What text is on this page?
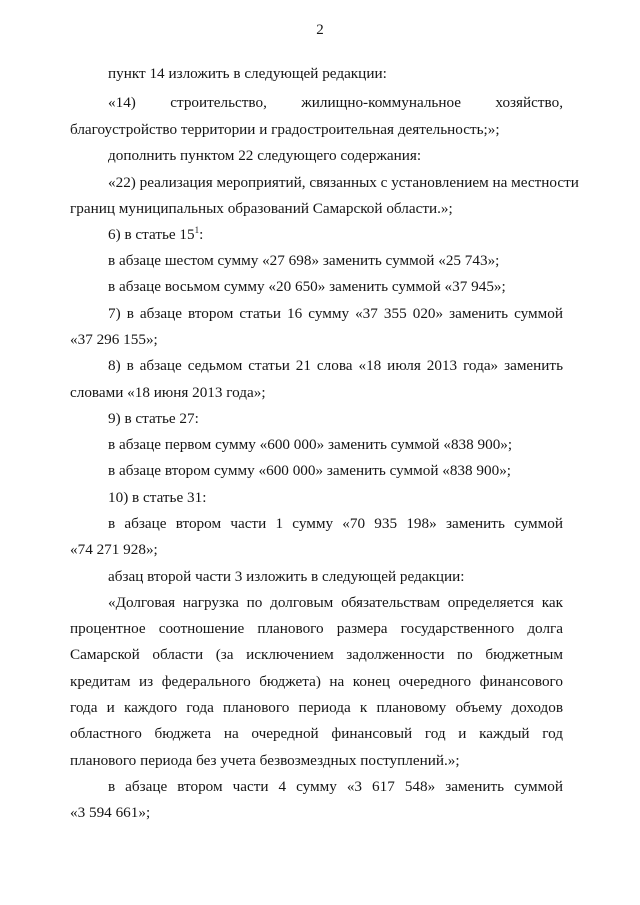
2
пункт 14 изложить в следующей редакции:
«14) строительство, жилищно-коммунальное хозяйство,
благоустройство территории и градостроительная деятельность;»;
дополнить пунктом 22 следующего содержания:
«22) реализация мероприятий, связанных с установлением на местности
границ муниципальных образований Самарской области.»;
6) в статье $15^1$:
в абзаце шестом сумму «27 698» заменить суммой «25 743»;
в абзаце восьмом сумму «20 650» заменить суммой «37 945»;
7) в абзаце втором статьи 16 сумму «37 355 020» заменить суммой
«37 296 155»;
8) в абзаце седьмом статьи 21 слова «18 июля 2013 года» заменить
словами «18 июня 2013 года»;
9) в статье 27:
в абзаце первом сумму «600 000» заменить суммой «838 900»;
в абзаце втором сумму «600 000» заменить суммой «838 900»;
10) в статье 31:
в абзаце втором части 1 сумму «70 935 198» заменить суммой
«74 271 928»;
абзац второй части 3 изложить в следующей редакции:
«Долговая нагрузка по долговым обязательствам определяется как
процентное соотношение планового размера государственного долга
Самарской области (за исключением задолженности по бюджетным
кредитам из федерального бюджета) на конец очередного финансового
года и каждого года планового периода к плановому объему доходов
областного бюджета на очередной финансовый год и каждый год
планового периода без учета безвозмездных поступлений.»;
в абзаце втором части 4 сумму «3 617 548» заменить суммой
«3 594 661»;
